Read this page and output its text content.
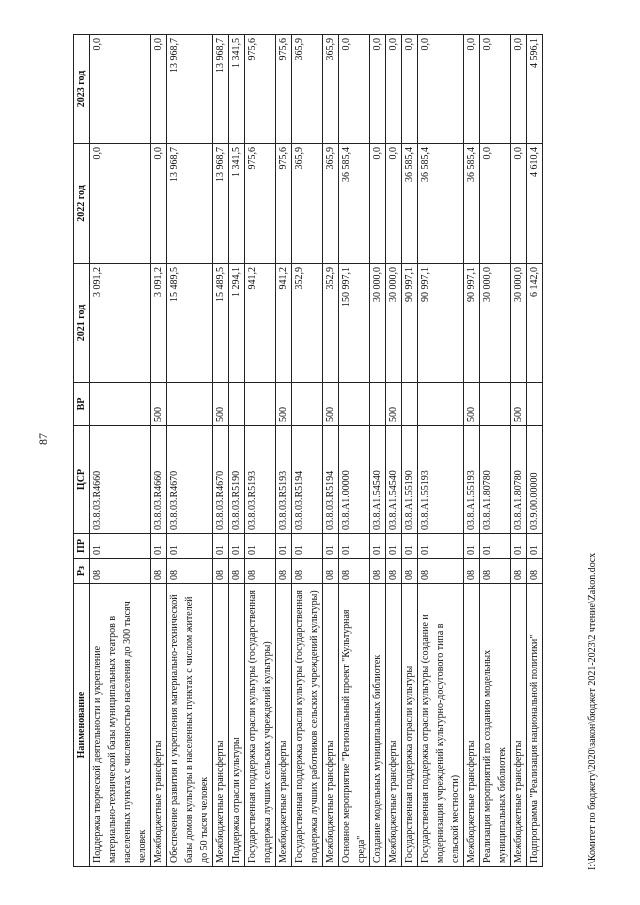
87
Наименование	Рз	ПР	ЦСР	ВР	2021 год	2022 год	2023 год
Поддержка творческой деятельности и укрепление материально-технической базы муниципальных театров в населенных пунктах с численностью населения до 300 тысяч человек	08	01	03.8.03.R4660		3 091,2	0,0	0,0
Межбюджетные трансферты	08	01	03.8.03.R4660	500	3 091,2	0,0	0,0
Обеспечение развития и укрепления материально-технической базы домов культуры в населенных пунктах с числом жителей до 50 тысяч человек	08	01	03.8.03.R4670		15 489,5	13 968,7	13 968,7
Межбюджетные трансферты	08	01	03.8.03.R4670	500	15 489,5	13 968,7	13 968,7
Поддержка отрасли культуры	08	01	03.8.03.R5190		1 294,1	1 341,5	1 341,5
Государственная поддержка отрасли культуры (государственная поддержка лучших сельских учреждений культуры)	08	01	03.8.03.R5193		941,2	975,6	975,6
Межбюджетные трансферты	08	01	03.8.03.R5193	500	941,2	975,6	975,6
Государственная поддержка отрасли культуры (государственная поддержка лучших работников сельских учреждений культуры)	08	01	03.8.03.R5194		352,9	365,9	365,9
Межбюджетные трансферты	08	01	03.8.03.R5194	500	352,9	365,9	365,9
Основное мероприятие "Региональный проект "Культурная среда"	08	01	03.8.A1.00000		150 997,1	36 585,4	0,0
Создание модельных муниципальных библиотек	08	01	03.8.A1.54540		30 000,0	0,0	0,0
Межбюджетные трансферты	08	01	03.8.A1.54540	500	30 000,0	0,0	0,0
Государственная поддержка отрасли культуры	08	01	03.8.A1.55190		90 997,1	36 585,4	0,0
Государственная поддержка отрасли культуры (создание и модернизация учреждений культурно-досугового типа в сельской местности)	08	01	03.8.A1.55193		90 997,1	36 585,4	0,0
Межбюджетные трансферты	08	01	03.8.A1.55193	500	90 997,1	36 585,4	0,0
Реализация мероприятий по созданию модельных муниципальных библиотек	08	01	03.8.A1.80780		30 000,0	0,0	0,0
Межбюджетные трансферты	08	01	03.8.A1.80780	500	30 000,0	0,0	0,0
Подпрограмма "Реализация национальной политики"	08	01	03.9.00.00000		6 142,0	4 610,4	4 596,1
I:\Комитет по бюджету\2020\закон\бюджет 2021-2023\2 чтение\Zakon.docx
